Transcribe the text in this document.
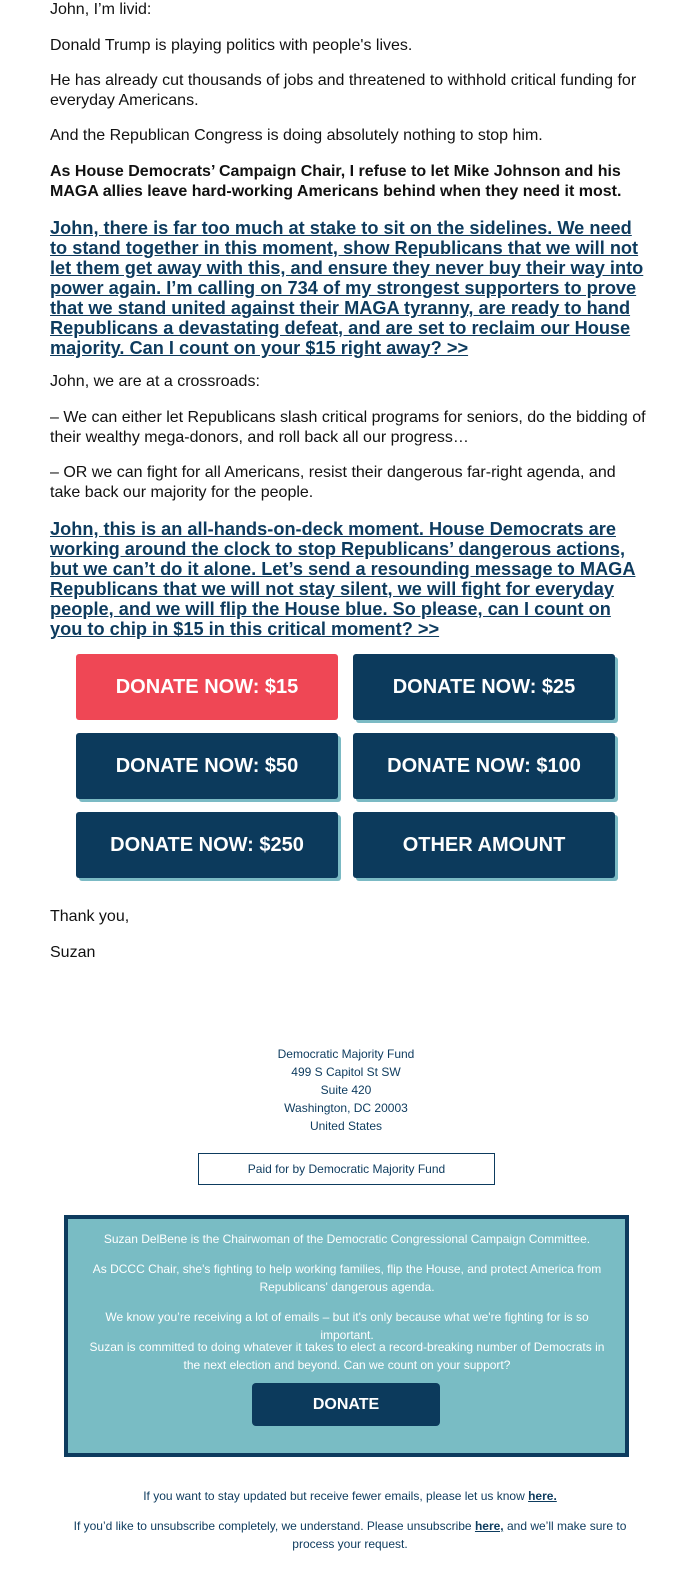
John, I’m livid:

Donald Trump is playing politics with people's lives.

He has already cut thousands of jobs and threatened to withhold critical funding for everyday Americans.

And the Republican Congress is doing absolutely nothing to stop him.

As House Democrats’ Campaign Chair, I refuse to let Mike Johnson and his MAGA allies leave hard-working Americans behind when they need it most.

John, there is far too much at stake to sit on the sidelines. We need to stand together in this moment, show Republicans that we will not let them get away with this, and ensure they never buy their way into power again. I’m calling on 734 of my strongest supporters to prove that we stand united against their MAGA tyranny, are ready to hand Republicans a devastating defeat, and are set to reclaim our House majority. Can I count on your $15 right away? >>

John, we are at a crossroads:

– We can either let Republicans slash critical programs for seniors, do the bidding of their wealthy mega-donors, and roll back all our progress…

– OR we can fight for all Americans, resist their dangerous far-right agenda, and take back our majority for the people.

John, this is an all-hands-on-deck moment. House Democrats are working around the clock to stop Republicans’ dangerous actions, but we can’t do it alone. Let’s send a resounding message to MAGA Republicans that we will not stay silent, we will fight for everyday people, and we will flip the House blue. So please, can I count on you to chip in $15 in this critical moment? >>
DONATE NOW: $15	DONATE NOW: $25
DONATE NOW: $50	DONATE NOW: $100
DONATE NOW: $250	OTHER AMOUNT

Thank you,

Suzan

Democratic Majority Fund
499 S Capitol St SW
Suite 420
Washington, DC 20003
United States
Paid for by Democratic Majority Fund
Suzan DelBene is the Chairwoman of the Democratic Congressional Campaign Committee.
As DCCC Chair, she's fighting to help working families, flip the House, and protect America from Republicans' dangerous agenda.
We know you’re receiving a lot of emails – but it's only because what we're fighting for is so important.
Suzan is committed to doing whatever it takes to elect a record-breaking number of Democrats in the next election and beyond. Can we count on your support?
DONATE
If you want to stay updated but receive fewer emails, please let us know here.
If you’d like to unsubscribe completely, we understand. Please unsubscribe here, and we’ll make sure to process your request.
